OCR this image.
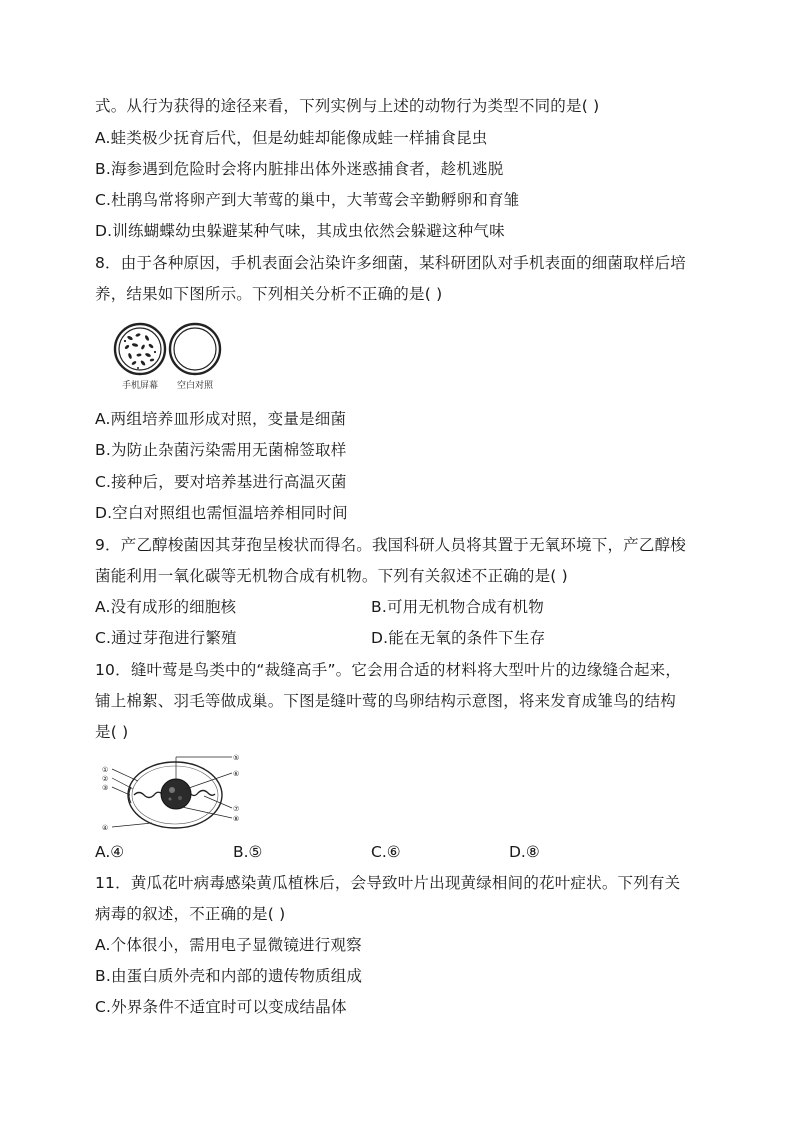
式。从行为获得的途径来看，下列实例与上述的动物行为类型不同的是( )
A.蛙类极少抚育后代，但是幼蛙却能像成蛙一样捕食昆虫
B.海参遇到危险时会将内脏排出体外迷惑捕食者，趁机逃脱
C.杜鹃鸟常将卵产到大苇莺的巢中，大苇莺会辛勤孵卵和育雏
D.训练蝴蝶幼虫躲避某种气味，其成虫依然会躲避这种气味
8．由于各种原因，手机表面会沾染许多细菌，某科研团队对手机表面的细菌取样后培
养，结果如下图所示。下列相关分析不正确的是( )
手机屏幕 空白对照
A.两组培养皿形成对照，变量是细菌
B.为防止杂菌污染需用无菌棉签取样
C.接种后，要对培养基进行高温灭菌
D.空白对照组也需恒温培养相同时间
9．产乙醇梭菌因其芽孢呈梭状而得名。我国科研人员将其置于无氧环境下，产乙醇梭
菌能利用一氧化碳等无机物合成有机物。下列有关叙述不正确的是( )
A.没有成形的细胞核	B.可用无机物合成有机物
C.通过芽孢进行繁殖	D.能在无氧的条件下生存
10．缝叶莺是鸟类中的“裁缝高手”。它会用合适的材料将大型叶片的边缘缝合起来，
铺上棉絮、羽毛等做成巢。下图是缝叶莺的鸟卵结构示意图，将来发育成雏鸟的结构
是( )
①
②
③
④
⑤
⑥
⑦
⑧
A.④	B.⑤	C.⑥	D.⑧
11．黄瓜花叶病毒感染黄瓜植株后，会导致叶片出现黄绿相间的花叶症状。下列有关
病毒的叙述，不正确的是( )
A.个体很小，需用电子显微镜进行观察
B.由蛋白质外壳和内部的遗传物质组成
C.外界条件不适宜时可以变成结晶体
